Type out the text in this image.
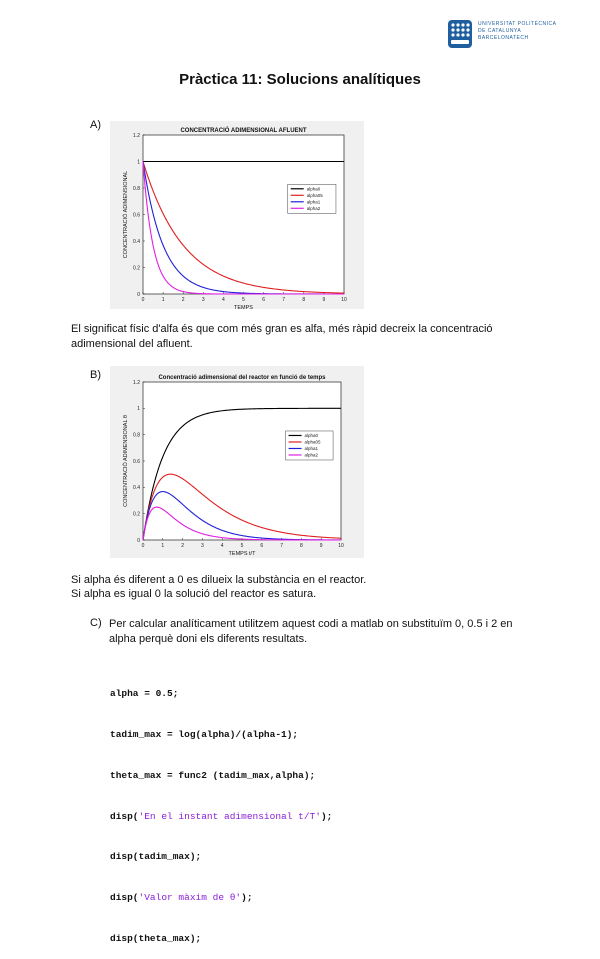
UNIVERSITAT POLITÈCNICA
DE CATALUNYA
BARCELONATECH
Pràctica 11: Solucions analítiques
A)
0	1	2	3	4	5	6	7	8	9	10
0
0.2
0.4
0.6
0.8
1
1.2
CONCENTRACIÓ ADIMENSIONAL AFLUENT
TEMPS
CONCENTRACIÓ ADIMENSIONAL	alpha0
alpha05
alpha1
alpha2
El significat físic d'alfa és que com més gran es alfa, més ràpid decreix la concentració adimensional del afluent.
B)
0	1	2	3	4	5	6	7	8	9	10
0
0.2
0.4
0.6
0.8
1
1.2
Concentració adimensional del reactor en funció de temps
TEMPS t/T
CONCENTRACIÓ ADIMENSIONAL θ	alpha0
alpha05
alpha1
alpha2
Si alpha és diferent a 0 es dilueix la substància en el reactor.
Si alpha es igual 0 la solució del reactor es satura.
C) Per calcular analíticament utilitzem aquest codi a matlab on substituïm 0, 0.5 i 2 en alpha perquè doni els diferents resultats.

alpha = 0.5;

tadim_max = log(alpha)/(alpha-1);

theta_max = func2 (tadim_max,alpha);

disp('En el instant adimensional t/T');

disp(tadim_max);

disp('Valor màxim de θ');

disp(theta_max);
